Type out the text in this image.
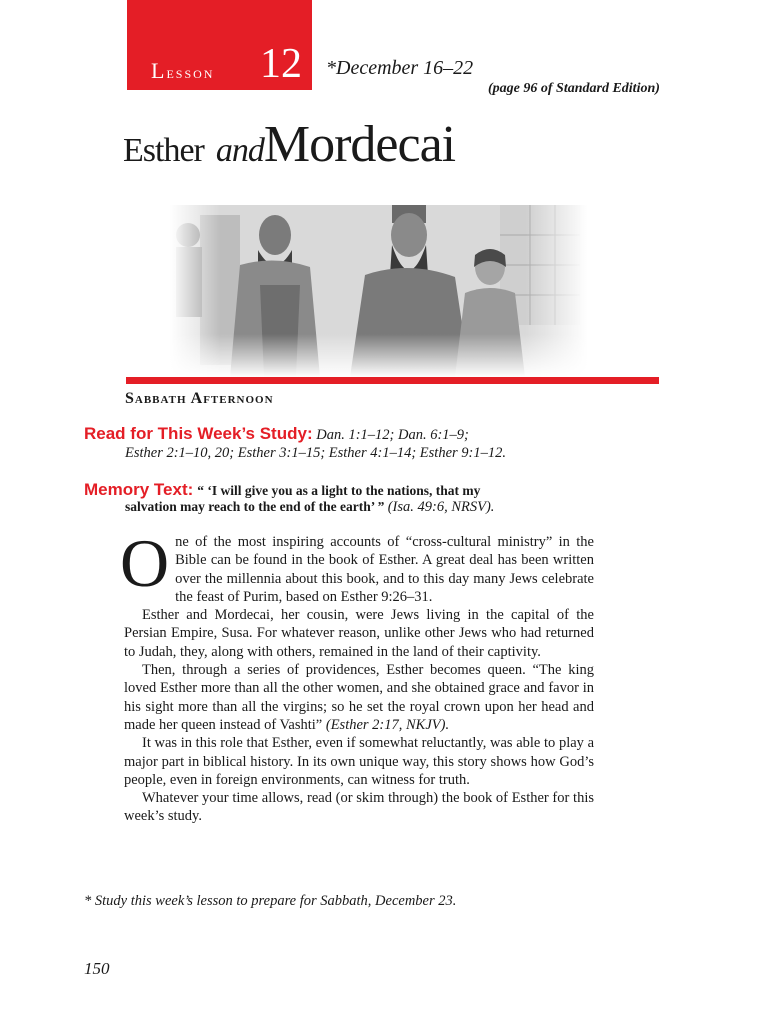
Lesson 12 *December 16–22
(page 96 of Standard Edition)
Esther andMordecai
Sabbath Afternoon
Read for This Week’s Study: Dan. 1:1–12; Dan. 6:1–9;
Esther 2:1–10, 20; Esther 3:1–15; Esther 4:1–14; Esther 9:1–12.
Memory Text: “ ‘I will give you as a light to the nations, that my
salvation may reach to the end of the earth’ ” (Isa. 49:6, NRSV).

One of the most inspiring accounts of “cross-cultural ministry” in the Bible can be found in the book of Esther. A great deal has been written over the millennia about this book, and to this day many Jews celebrate the feast of Purim, based on Esther 9:26–31.

Esther and Mordecai, her cousin, were Jews living in the capital of the Persian Empire, Susa. For whatever reason, unlike other Jews who had returned to Judah, they, along with others, remained in the land of their captivity.

Then, through a series of providences, Esther becomes queen. “The king loved Esther more than all the other women, and she obtained grace and favor in his sight more than all the virgins; so he set the royal crown upon her head and made her queen instead of Vashti” (Esther 2:17, NKJV).

It was in this role that Esther, even if somewhat reluctantly, was able to play a major part in biblical history. In its own unique way, this story shows how God’s people, even in foreign environments, can witness for truth.

Whatever your time allows, read (or skim through) the book of Esther for this week’s study.

* Study this week’s lesson to prepare for Sabbath, December 23.
150
